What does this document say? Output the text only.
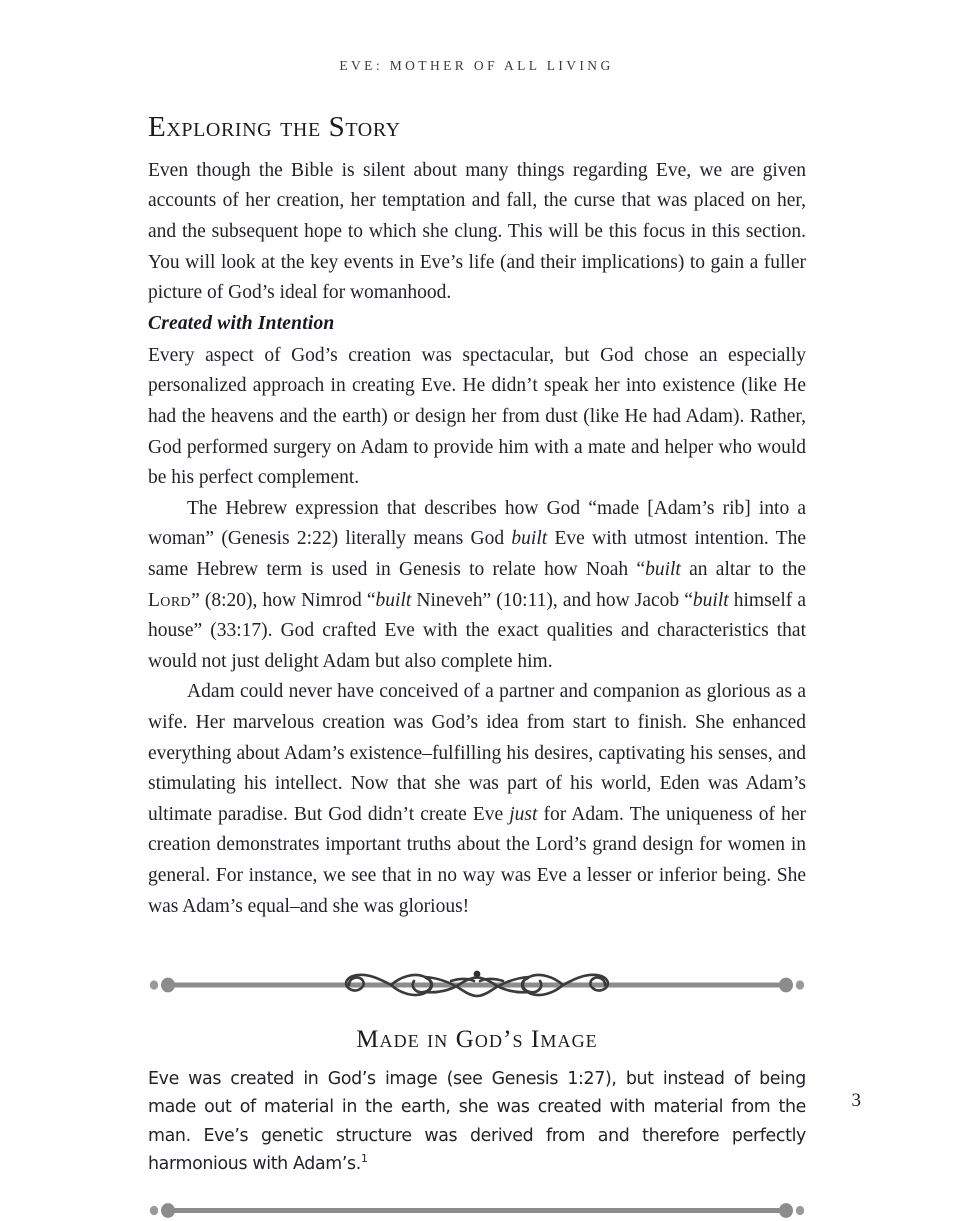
EVE: MOTHER OF ALL LIVING
Exploring the Story

Even though the Bible is silent about many things regarding Eve, we are given accounts of her creation, her temptation and fall, the curse that was placed on her, and the subsequent hope to which she clung. This will be this focus in this section. You will look at the key events in Eve’s life (and their implications) to gain a fuller picture of God’s ideal for womanhood.

Created with Intention

Every aspect of God’s creation was spectacular, but God chose an especially personalized approach in creating Eve. He didn’t speak her into existence (like He had the heavens and the earth) or design her from dust (like He had Adam). Rather, God performed surgery on Adam to provide him with a mate and helper who would be his perfect complement.

The Hebrew expression that describes how God “made [Adam’s rib] into a woman” (Genesis 2:22) literally means God built Eve with utmost intention. The same Hebrew term is used in Genesis to relate how Noah “built an altar to the Lord” (8:20), how Nimrod “built Nineveh” (10:11), and how Jacob “built himself a house” (33:17). God crafted Eve with the exact qualities and characteristics that would not just delight Adam but also complete him.

Adam could never have conceived of a partner and companion as glorious as a wife. Her marvelous creation was God’s idea from start to finish. She enhanced everything about Adam’s existence–fulfilling his desires, captivating his senses, and stimulating his intellect. Now that she was part of his world, Eden was Adam’s ultimate paradise. But God didn’t create Eve just for Adam. The uniqueness of her creation demonstrates important truths about the Lord’s grand design for women in general. For instance, we see that in no way was Eve a lesser or inferior being. She was Adam’s equal–and she was glorious!

Made in God’s Image

Eve was created in God’s image (see Genesis 1:27), but instead of being made out of material in the earth, she was created with material from the man. Eve’s genetic structure was derived from and therefore perfectly harmonious with Adam’s.$^1$

3
